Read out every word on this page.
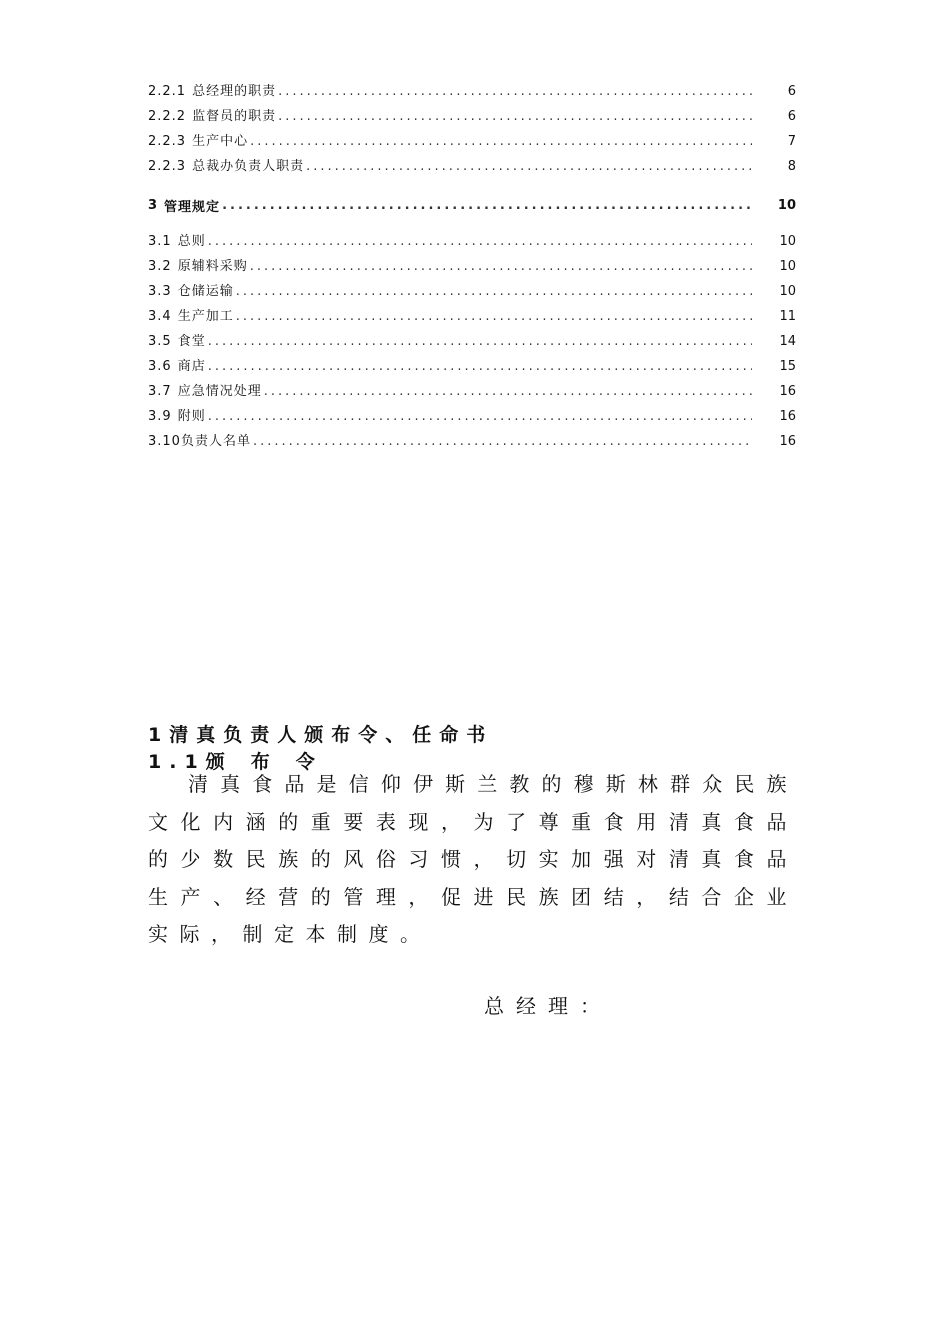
2.2.1 总经理的职责 .....	6
2.2.2 监督员的职责 .....	6
2.2.3 生产中心 .....	7
2.2.3 总裁办负责人职责 .....	8
3 管理规定 .....	10
3.1 总则 .....	10
3.2 原辅料采购 .....	10
3.3 仓储运输 .....	10
3.4 生产加工 .....	11
3.5 食堂 .....	14
3.6 商店 .....	15
3.7 应急情况处理 .....	16
3.9 附则 .....	16
3.10 负责人名单 .....	16
1清真负责人颁布令、任命书
1.1颁 布 令
清真食品是信仰伊斯兰教的穆斯林群众民族文化内涵的重要表现，为了尊重食用清真食品的少数民族的风俗习惯，切实加强对清真食品生产、经营的管理，促进民族团结，结合企业实际，制定本制度。
总经理：
